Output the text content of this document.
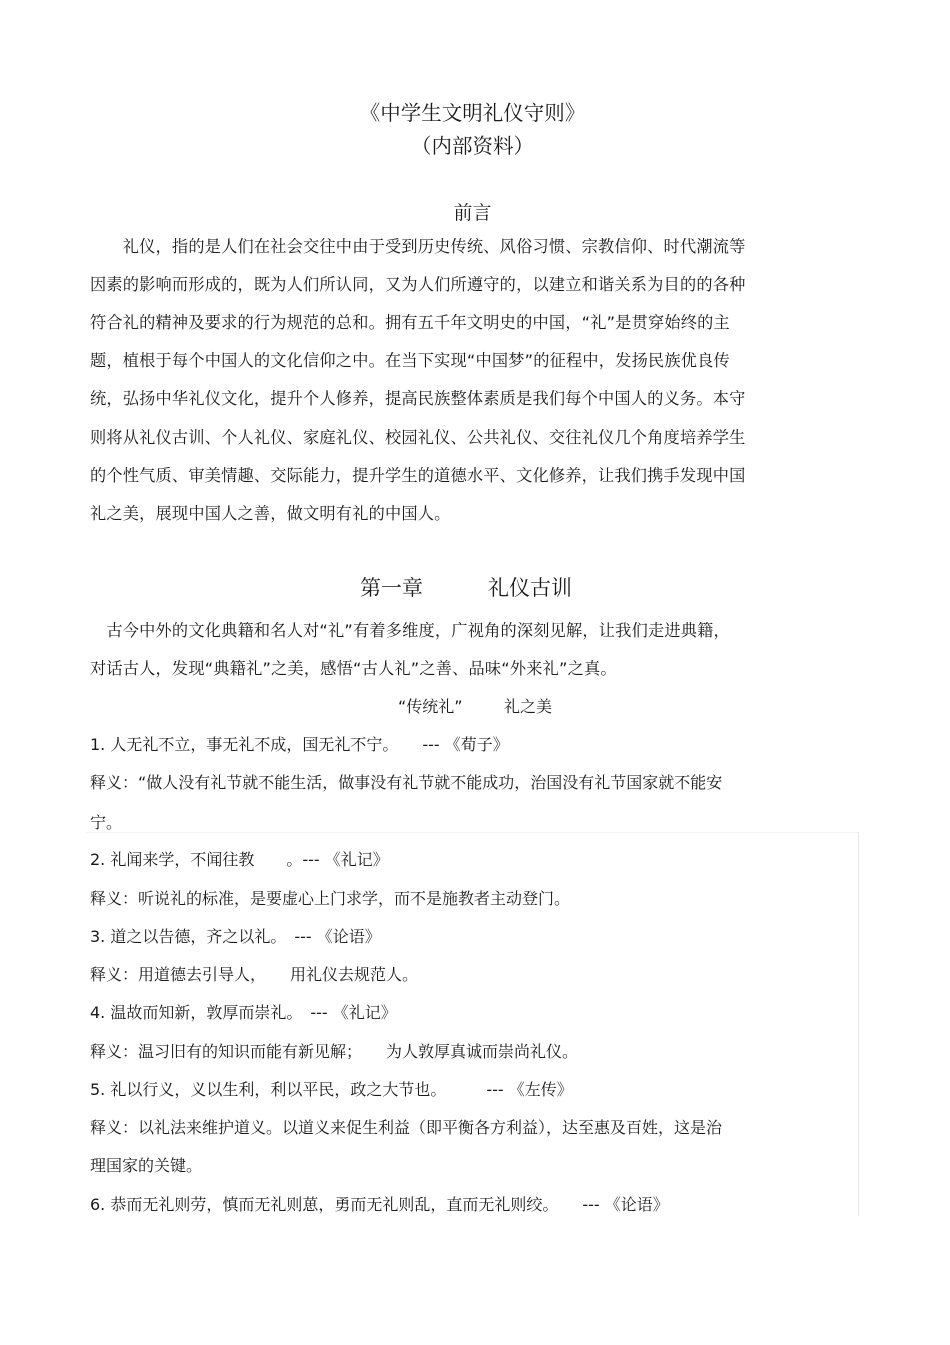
《中学生文明礼仪守则》
（内部资料）
前言
　　礼仪，指的是人们在社会交往中由于受到历史传统、风俗习惯、宗教信仰、时代潮流等
因素的影响而形成的，既为人们所认同，又为人们所遵守的，以建立和谐关系为目的的各种
符合礼的精神及要求的行为规范的总和。拥有五千年文明史的中国，“礼”是贯穿始终的主
题，植根于每个中国人的文化信仰之中。在当下实现“中国梦”的征程中，发扬民族优良传
统，弘扬中华礼仪文化，提升个人修养，提高民族整体素质是我们每个中国人的义务。本守
则将从礼仪古训、个人礼仪、家庭礼仪、校园礼仪、公共礼仪、交往礼仪几个角度培养学生
的个性气质、审美情趣、交际能力，提升学生的道德水平、文化修养，让我们携手发现中国
礼之美，展现中国人之善，做文明有礼的中国人。
第一章	礼仪古训
　古今中外的文化典籍和名人对“礼”有着多维度，广视角的深刻见解，让我们走进典籍，
对话古人，发现“典籍礼”之美，感悟“古人礼”之善、品味“外来礼”之真。
“传统礼”	礼之美
1. 人无礼不立，事无礼不成，国无礼不宁。　　--- 《荀子》
释义：“做人没有礼节就不能生活，做事没有礼节就不能成功，治国没有礼节国家就不能安
宁。
2. 礼闻来学，不闻往教　　。--- 《礼记》
释义：听说礼的标准，是要虚心上门求学，而不是施教者主动登门。
3. 道之以告德，齐之以礼。　--- 《论语》
释义：用道德去引导人，　　用礼仪去规范人。
4. 温故而知新，敦厚而崇礼。　--- 《礼记》
释义：温习旧有的知识而能有新见解；　　为人敦厚真诚而崇尚礼仪。
5. 礼以行义，义以生利，利以平民，政之大节也。　　　--- 《左传》
释义：以礼法来维护道义。以道义来促生利益（即平衡各方利益），达至惠及百姓，这是治
理国家的关键。
6. 恭而无礼则劳，慎而无礼则葸，勇而无礼则乱，直而无礼则绞。　　--- 《论语》
